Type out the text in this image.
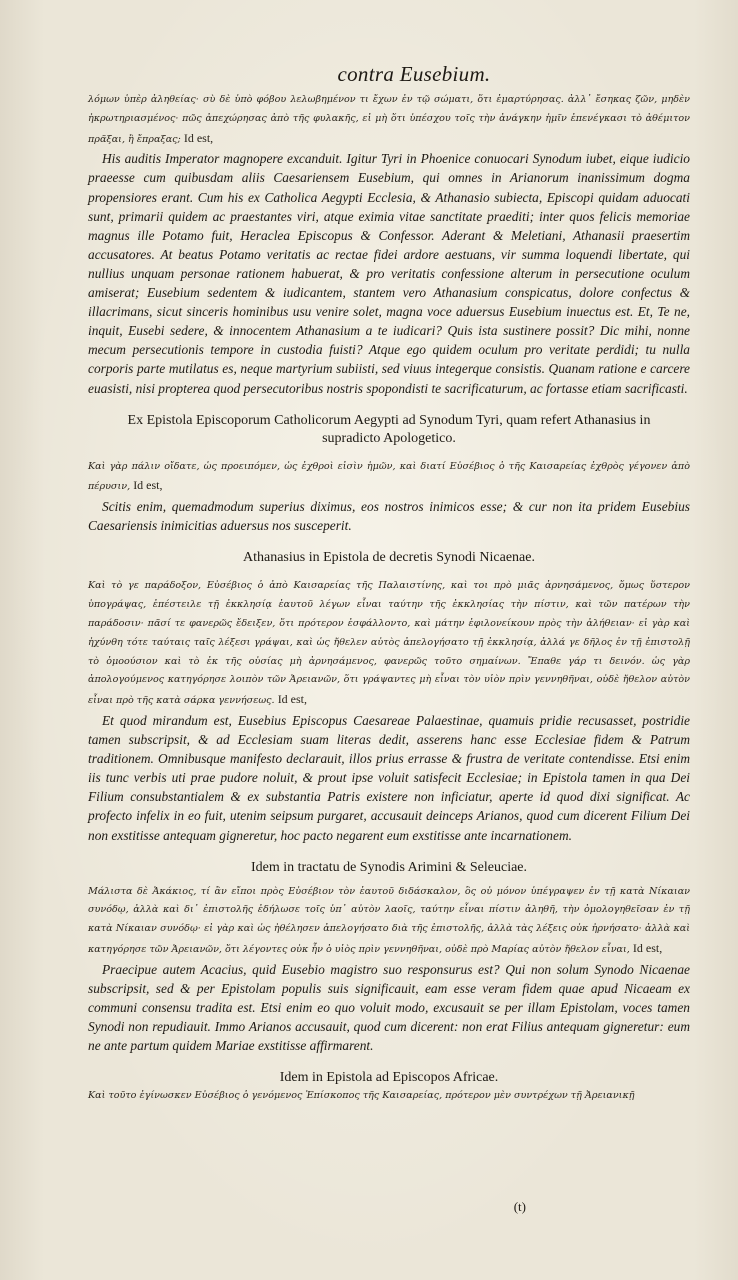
contra Eusebium.

λόμων ὑπὲρ ἀληθείας· σὺ δὲ ὑπὸ φόβου λελωβημένον τι ἔχων ἐν τῷ σώματι, ὅτι ἐμαρτύρησας. ἀλλ᾽ ἔσηκας ζῶν, μηδὲν ἠκρωτηριασμένος· πῶς ἀπεχώρησας ἀπὸ τῆς φυλακῆς, εἰ μὴ ὅτι ὑπέσχου τοῖς τὴν ἀνάγκην ἡμῖν ἐπενέγκασι τὸ ἀθέμιτον πρᾶξαι, ἢ ἔπραξας; Id est,

His auditis Imperator magnopere excanduit. Igitur Tyri in Phoenice conuocari Synodum iubet, eique iudicio praeesse cum quibusdam aliis Caesariensem Eusebium, qui omnes in Arianorum inanissimum dogma propensiores erant. Cum his ex Catholica Aegypti Ecclesia, & Athanasio subiecta, Episcopi quidam aduocati sunt, primarii quidem ac praestantes viri, atque eximia vitae sanctitate praediti; inter quos felicis memoriae magnus ille Potamo fuit, Heraclea Episcopus & Confessor. Aderant & Meletiani, Athanasii praesertim accusatores. At beatus Potamo veritatis ac rectae fidei ardore aestuans, vir summa loquendi libertate, qui nullius unquam personae rationem habuerat, & pro veritatis confessione alterum in persecutione oculum amiserat; Eusebium sedentem & iudicantem, stantem vero Athanasium conspicatus, dolore confectus & illacrimans, sicut sinceris hominibus usu venire solet, magna voce aduersus Eusebium inuectus est. Et, Te ne, inquit, Eusebi sedere, & innocentem Athanasium a te iudicari? Quis ista sustinere possit? Dic mihi, nonne mecum persecutionis tempore in custodia fuisti? Atque ego quidem oculum pro veritate perdidi; tu nulla corporis parte mutilatus es, neque martyrium subiisti, sed viuus integerque consistis. Quanam ratione e carcere euasisti, nisi propterea quod persecutoribus nostris spopondisti te sacrificaturum, ac fortasse etiam sacrificasti.

Ex Epistola Episcoporum Catholicorum Aegypti ad Synodum Tyri, quam refert Athanasius in supradicto Apologetico.

Καὶ γὰρ πάλιν οἴδατε, ὡς προειπόμεν, ὡς ἐχθροὶ εἰσὶν ἡμῶν, καὶ διατί Εὐσέβιος ὁ τῆς Καισαρείας ἐχθρὸς γέγονεν ἀπὸ πέρυσιν, Id est,

Scitis enim, quemadmodum superius diximus, eos nostros inimicos esse; & cur non ita pridem Eusebius Caesariensis inimicitias aduersus nos susceperit.

Athanasius in Epistola de decretis Synodi Nicaenae.

Καὶ τὸ γε παράδοξον, Εὐσέβιος ὁ ἀπὸ Καισαρείας τῆς Παλαιστίνης, καὶ τοι πρὸ μιᾶς ἀρνησάμενος, ὅμως ὕστερον ὑπογράψας, ἐπέστειλε τῇ ἐκκλησίᾳ ἑαυτοῦ λέγων εἶναι ταύτην τῆς ἐκκλησίας τὴν πίστιν, καὶ τῶν πατέρων τὴν παράδοσιν· πᾶσί τε φανερῶς ἔδειξεν, ὅτι πρότερον ἐσφάλλοντο, καὶ μάτην ἐφιλονείκουν πρὸς τὴν ἀλήθειαν· εἰ γὰρ καὶ ἠχύνθη τότε ταύταις ταῖς λέξεσι γράψαι, καὶ ὡς ἤθελεν αὐτὸς ἀπελογήσατο τῇ ἐκκλησίᾳ, ἀλλά γε δῆλος ἐν τῇ ἐπιστολῇ τὸ ὁμοούσιον καὶ τὸ ἐκ τῆς οὐσίας μὴ ἀρνησάμενος, φανερῶς τοῦτο σημαίνων. Ἔπαθε γάρ τι δεινόν. ὡς γὰρ ἀπολογούμενος κατηγόρησε λοιπὸν τῶν Ἀρειανῶν, ὅτι γράψαντες μὴ εἶναι τὸν υἱὸν πρὶν γεννηθῆναι, οὐδὲ ἤθελον αὐτὸν εἶναι πρὸ τῆς κατὰ σάρκα γεννήσεως. Id est,

Et quod mirandum est, Eusebius Episcopus Caesareae Palaestinae, quamuis pridie recusasset, postridie tamen subscripsit, & ad Ecclesiam suam literas dedit, asserens hanc esse Ecclesiae fidem & Patrum traditionem. Omnibusque manifesto declarauit, illos prius errasse & frustra de veritate contendisse. Etsi enim iis tunc verbis uti prae pudore noluit, & prout ipse voluit satisfecit Ecclesiae; in Epistola tamen in qua Dei Filium consubstantialem & ex substantia Patris existere non inficiatur, aperte id quod dixi significat. Ac profecto infelix in eo fuit, utenim seipsum purgaret, accusauit deinceps Arianos, quod cum dicerent Filium Dei non exstitisse antequam gigneretur, hoc pacto negarent eum exstitisse ante incarnationem.

Idem in tractatu de Synodis Arimini & Seleuciae.

Μάλιστα δὲ Ἀκάκιος, τί ἂν εἴποι πρὸς Εὐσέβιον τὸν ἑαυτοῦ διδάσκαλον, ὃς οὐ μόνον ὑπέγραψεν ἐν τῇ κατὰ Νίκαιαν συνόδῳ, ἀλλὰ καὶ δι᾽ ἐπιστολῆς ἐδήλωσε τοῖς ὑπ᾽ αὐτὸν λαοῖς, ταύτην εἶναι πίστιν ἀληθῆ, τὴν ὁμολογηθεῖσαν ἐν τῇ κατὰ Νίκαιαν συνόδῳ· εἰ γὰρ καὶ ὡς ἠθέλησεν ἀπελογήσατο διὰ τῆς ἐπιστολῆς, ἀλλὰ τὰς λέξεις οὐκ ἠρνήσατο· ἀλλὰ καὶ κατηγόρησε τῶν Ἀρειανῶν, ὅτι λέγοντες οὐκ ἦν ὁ υἱὸς πρὶν γεννηθῆναι, οὐδὲ πρὸ Μαρίας αὐτὸν ἤθελον εἶναι, Id est,

Praecipue autem Acacius, quid Eusebio magistro suo responsurus est? Qui non solum Synodo Nicaenae subscripsit, sed & per Epistolam populis suis significauit, eam esse veram fidem quae apud Nicaeam ex communi consensu tradita est. Etsi enim eo quo voluit modo, excusauit se per illam Epistolam, voces tamen Synodi non repudiauit. Immo Arianos accusauit, quod cum dicerent: non erat Filius antequam gigneretur: eum ne ante partum quidem Mariae exstitisse affirmarent.

Idem in Epistola ad Episcopos Africae.

Καὶ τοῦτο ἐγίνωσκεν Εὐσέβιος ὁ γενόμενος Ἐπίσκοπος τῆς Καισαρείας, πρότερον μὲν συντρέχων τῇ Ἀρειανικῇ

(t)
